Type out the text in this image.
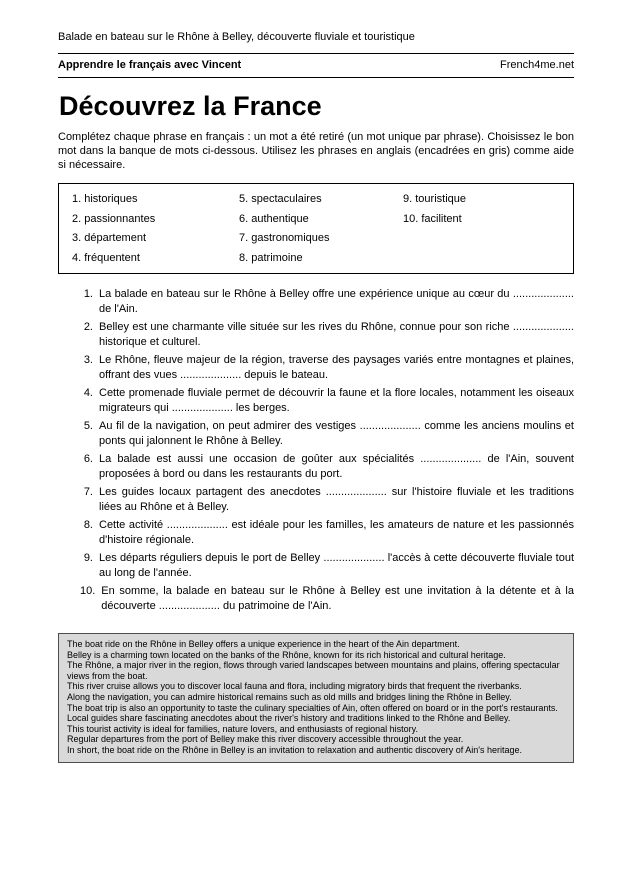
Balade en bateau sur le Rhône à Belley, découverte fluviale et touristique
Apprendre le français avec Vincent	French4me.net
Découvrez la France

Complétez chaque phrase en français : un mot a été retiré (un mot unique par phrase). Choisissez le bon mot dans la banque de mots ci-dessous. Utilisez les phrases en anglais (encadrées en gris) comme aide si nécessaire.

1. historiques
2. passionnantes
3. département
4. fréquentent
5. spectaculaires
6. authentique
7. gastronomiques
8. patrimoine
9. touristique
10. facilitent
1. La balade en bateau sur le Rhône à Belley offre une expérience unique au cœur du .................... de l'Ain.
2. Belley est une charmante ville située sur les rives du Rhône, connue pour son riche .................... historique et culturel.
3. Le Rhône, fleuve majeur de la région, traverse des paysages variés entre montagnes et plaines, offrant des vues .................... depuis le bateau.
4. Cette promenade fluviale permet de découvrir la faune et la flore locales, notamment les oiseaux migrateurs qui .................... les berges.
5. Au fil de la navigation, on peut admirer des vestiges .................... comme les anciens moulins et ponts qui jalonnent le Rhône à Belley.
6. La balade est aussi une occasion de goûter aux spécialités .................... de l'Ain, souvent proposées à bord ou dans les restaurants du port.
7. Les guides locaux partagent des anecdotes .................... sur l'histoire fluviale et les traditions liées au Rhône et à Belley.
8. Cette activité .................... est idéale pour les familles, les amateurs de nature et les passionnés d'histoire régionale.
9. Les départs réguliers depuis le port de Belley .................... l'accès à cette découverte fluviale tout au long de l'année.
10. En somme, la balade en bateau sur le Rhône à Belley est une invitation à la détente et à la découverte .................... du patrimoine de l'Ain.

The boat ride on the Rhône in Belley offers a unique experience in the heart of the Ain department.

Belley is a charming town located on the banks of the Rhône, known for its rich historical and cultural heritage.

The Rhône, a major river in the region, flows through varied landscapes between mountains and plains, offering spectacular views from the boat.

This river cruise allows you to discover local fauna and flora, including migratory birds that frequent the riverbanks.

Along the navigation, you can admire historical remains such as old mills and bridges lining the Rhône in Belley.

The boat trip is also an opportunity to taste the culinary specialties of Ain, often offered on board or in the port's restaurants.

Local guides share fascinating anecdotes about the river's history and traditions linked to the Rhône and Belley.

This tourist activity is ideal for families, nature lovers, and enthusiasts of regional history.

Regular departures from the port of Belley make this river discovery accessible throughout the year.

In short, the boat ride on the Rhône in Belley is an invitation to relaxation and authentic discovery of Ain's heritage.
